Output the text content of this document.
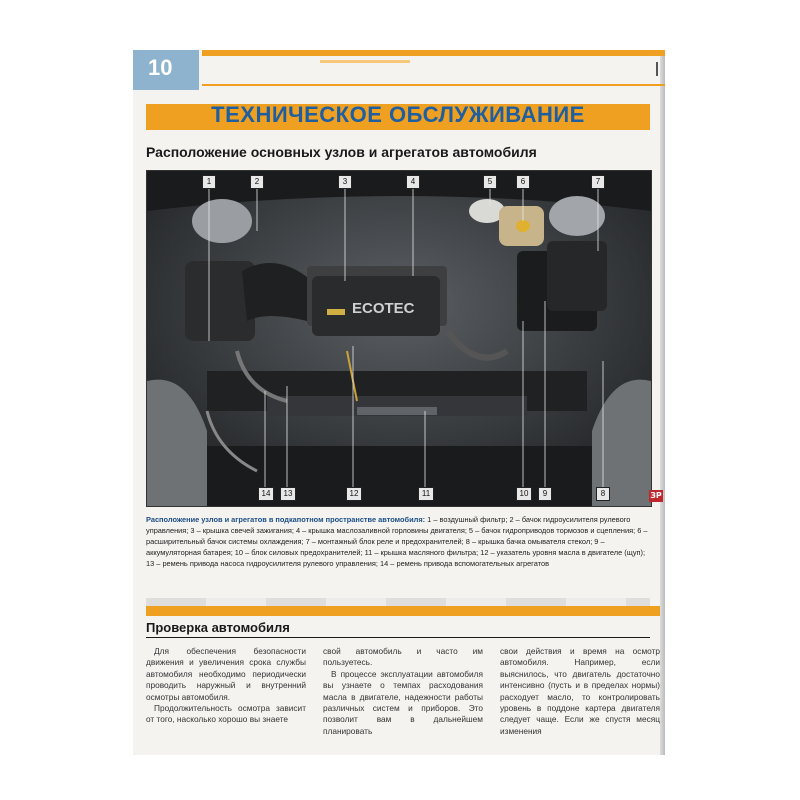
10
ТЕХНИЧЕСКОЕ ОБСЛУЖИВАНИЕ
Расположение основных узлов и агрегатов автомобиля
ECOTEC
1	2	3	4	5	6	7
14	13	12	11	10	9	8	ЗР
Расположение узлов и агрегатов в подкапотном пространстве автомобиля: 1 – воздушный фильтр; 2 – бачок гидроусилителя рулевого управления; 3 – крышка свечей зажигания; 4 – крышка маслозаливной горловины двигателя; 5 – бачок гидроприводов тормозов и сцепления; 6 – расширительный бачок системы охлаждения; 7 – монтажный блок реле и предохранителей; 8 – крышка бачка омывателя стекол; 9 – аккумуляторная батарея; 10 – блок силовых предохранителей; 11 – крышка масляного фильтра; 12 – указатель уровня масла в двигателе (щуп); 13 – ремень привода насоса гидроусилителя рулевого управления; 14 – ремень привода вспомогательных агрегатов
Проверка автомобиля

Для обеспечения безопасности движения и увеличения срока службы автомобиля необходимо периодически проводить наружный и внутренний осмотры автомобиля.

Продолжительность осмотра зависит от того, насколько хорошо вы знаете

свой автомобиль и часто им пользуетесь.

В процессе эксплуатации автомобиля вы узнаете о темпах расходования масла в двигателе, надежности работы различных систем и приборов. Это позволит вам в дальнейшем планировать

свои действия и время на осмотр автомобиля. Например, если выяснилось, что двигатель достаточно интенсивно (пусть и в пределах нормы) расходует масло, то контролировать уровень в поддоне картера двигателя следует чаще. Если же спустя месяц изменения
